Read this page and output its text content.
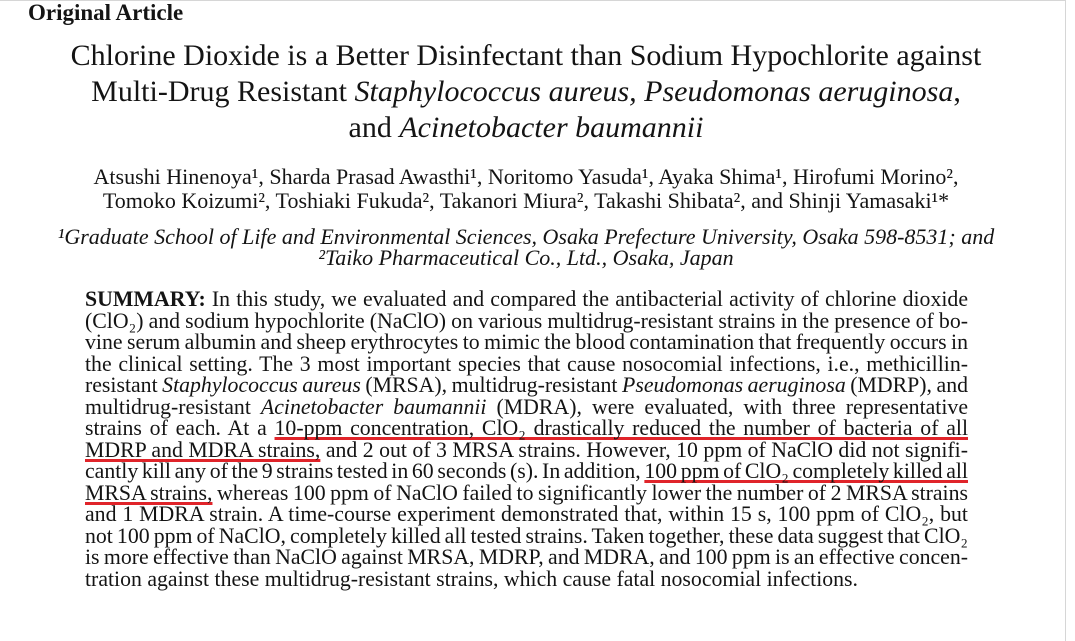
Original Article
Chlorine Dioxide is a Better Disinfectant than Sodium Hypochlorite against
Multi-Drug Resistant Staphylococcus aureus, Pseudomonas aeruginosa,
and Acinetobacter baumannii
Atsushi Hinenoya¹, Sharda Prasad Awasthi¹, Noritomo Yasuda¹, Ayaka Shima¹, Hirofumi Morino²,
Tomoko Koizumi², Toshiaki Fukuda², Takanori Miura², Takashi Shibata², and Shinji Yamasaki¹*
¹Graduate School of Life and Environmental Sciences, Osaka Prefecture University, Osaka 598-8531; and
²Taiko Pharmaceutical Co., Ltd., Osaka, Japan
SUMMARY: In this study, we evaluated and compared the antibacterial activity of chlorine dioxide
(ClO₂) and sodium hypochlorite (NaClO) on various multidrug-resistant strains in the presence of bo-
vine serum albumin and sheep erythrocytes to mimic the blood contamination that frequently occurs in
the clinical setting. The 3 most important species that cause nosocomial infections, i.e., methicillin-
resistant Staphylococcus aureus (MRSA), multidrug-resistant Pseudomonas aeruginosa (MDRP), and
multidrug-resistant Acinetobacter baumannii (MDRA), were evaluated, with three representative
strains of each. At a 10-ppm concentration, ClO₂ drastically reduced the number of bacteria of all
MDRP and MDRA strains, and 2 out of 3 MRSA strains. However, 10 ppm of NaClO did not signifi-
cantly kill any of the 9 strains tested in 60 seconds (s). In addition, 100 ppm of ClO₂ completely killed all
MRSA strains, whereas 100 ppm of NaClO failed to significantly lower the number of 2 MRSA strains
and 1 MDRA strain. A time-course experiment demonstrated that, within 15 s, 100 ppm of ClO₂, but
not 100 ppm of NaClO, completely killed all tested strains. Taken together, these data suggest that ClO₂
is more effective than NaClO against MRSA, MDRP, and MDRA, and 100 ppm is an effective concen-
tration against these multidrug-resistant strains, which cause fatal nosocomial infections.
